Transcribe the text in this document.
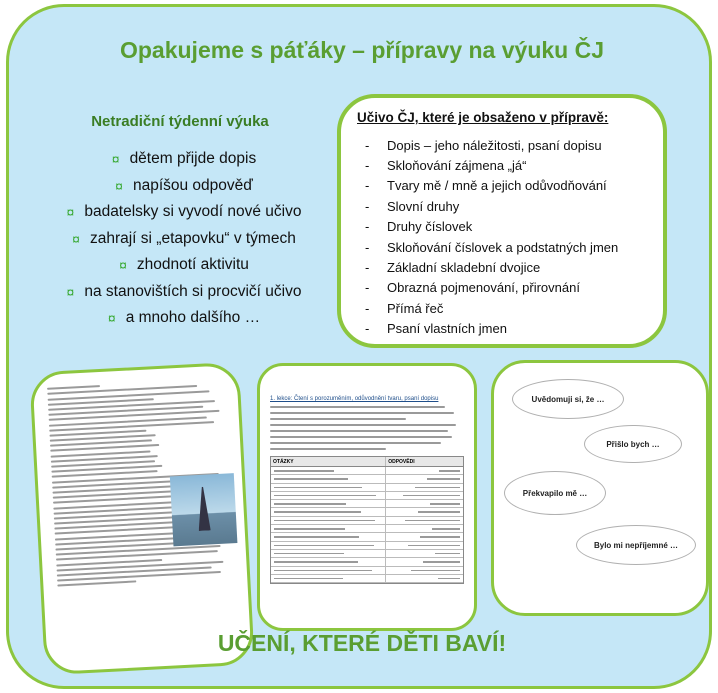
Opakujeme s páťáky – přípravy na výuku ČJ
Netradiční týdenní výuka
¤ dětem přijde dopis
¤ napíšou odpověď
¤ badatelsky si vyvodí nové učivo
¤ zahrají si „etapovku“ v týmech
¤ zhodnotí aktivitu
¤ na stanovištích si procvičí učivo
¤ a mnoho dalšího …
Učivo ČJ, které je obsaženo v přípravě:
-	Dopis – jeho náležitosti, psaní dopisu
-	Skloňování zájmena „já“
-	Tvary mě / mně a jejich odůvodňování
-	Slovní druhy
-	Druhy číslovek
-	Skloňování číslovek a podstatných jmen
-	Základní skladební dvojice
-	Obrazná pojmenování, přirovnání
-	Přímá řeč
-	Psaní vlastních jmen
1. lekce: Čtení s porozuměním, odůvodnění tvaru, psaní dopisu
OTÁZKY	ODPOVĚDI
Uvědomuji si, že …
Přišlo bych …
Překvapilo mě …
Bylo mi nepříjemné …
UČENÍ, KTERÉ DĚTI BAVÍ!
